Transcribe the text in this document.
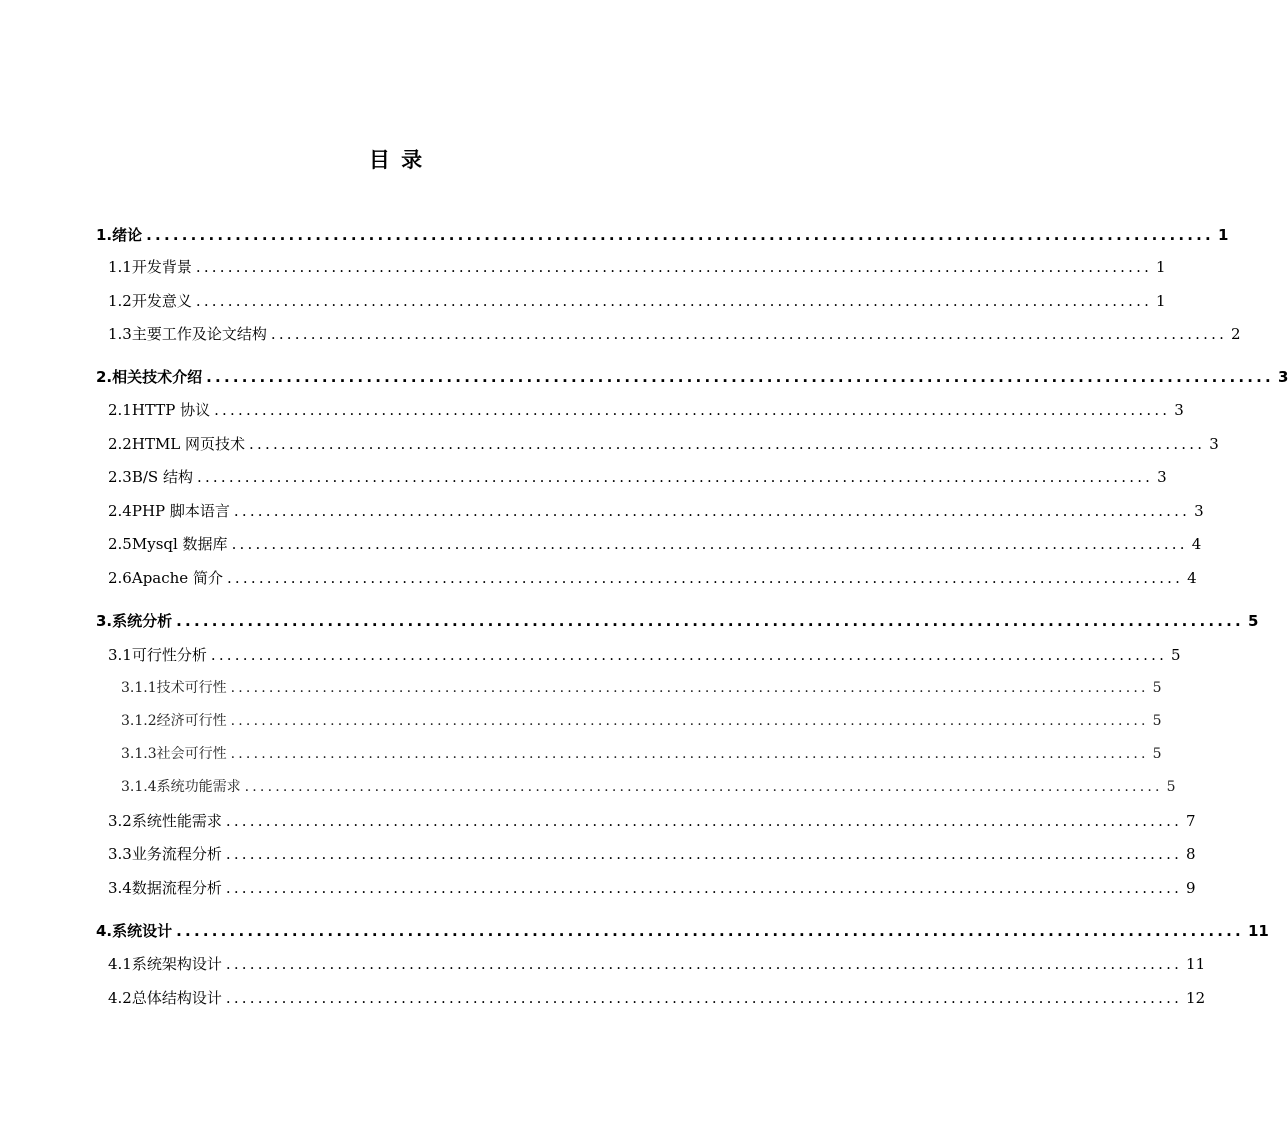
目 录
1. 绪论 ........................................................................................................................ 1
1.1 开发背景 ........................................................................................................................ 1
1.2 开发意义 ........................................................................................................................ 1
1.3 主要工作及论文结构 ........................................................................................................................ 2
2. 相关技术介绍 ........................................................................................................................ 3
2.1 HTTP 协议 ........................................................................................................................ 3
2.2 HTML 网页技术 ........................................................................................................................ 3
2.3 B/S 结构 ........................................................................................................................ 3
2.4 PHP 脚本语言 ........................................................................................................................ 3
2.5 Mysql 数据库 ........................................................................................................................ 4
2.6 Apache 简介 ........................................................................................................................ 4
3. 系统分析 ........................................................................................................................ 5
3.1 可行性分析 ........................................................................................................................ 5
3.1.1 技术可行性 ........................................................................................................................ 5
3.1.2 经济可行性 ........................................................................................................................ 5
3.1.3 社会可行性 ........................................................................................................................ 5
3.1.4 系统功能需求 ........................................................................................................................ 5
3.2 系统性能需求 ........................................................................................................................ 7
3.3 业务流程分析 ........................................................................................................................ 8
3.4 数据流程分析 ........................................................................................................................ 9
4. 系统设计 ........................................................................................................................ 11
4.1 系统架构设计 ........................................................................................................................ 11
4.2 总体结构设计 ........................................................................................................................ 12
